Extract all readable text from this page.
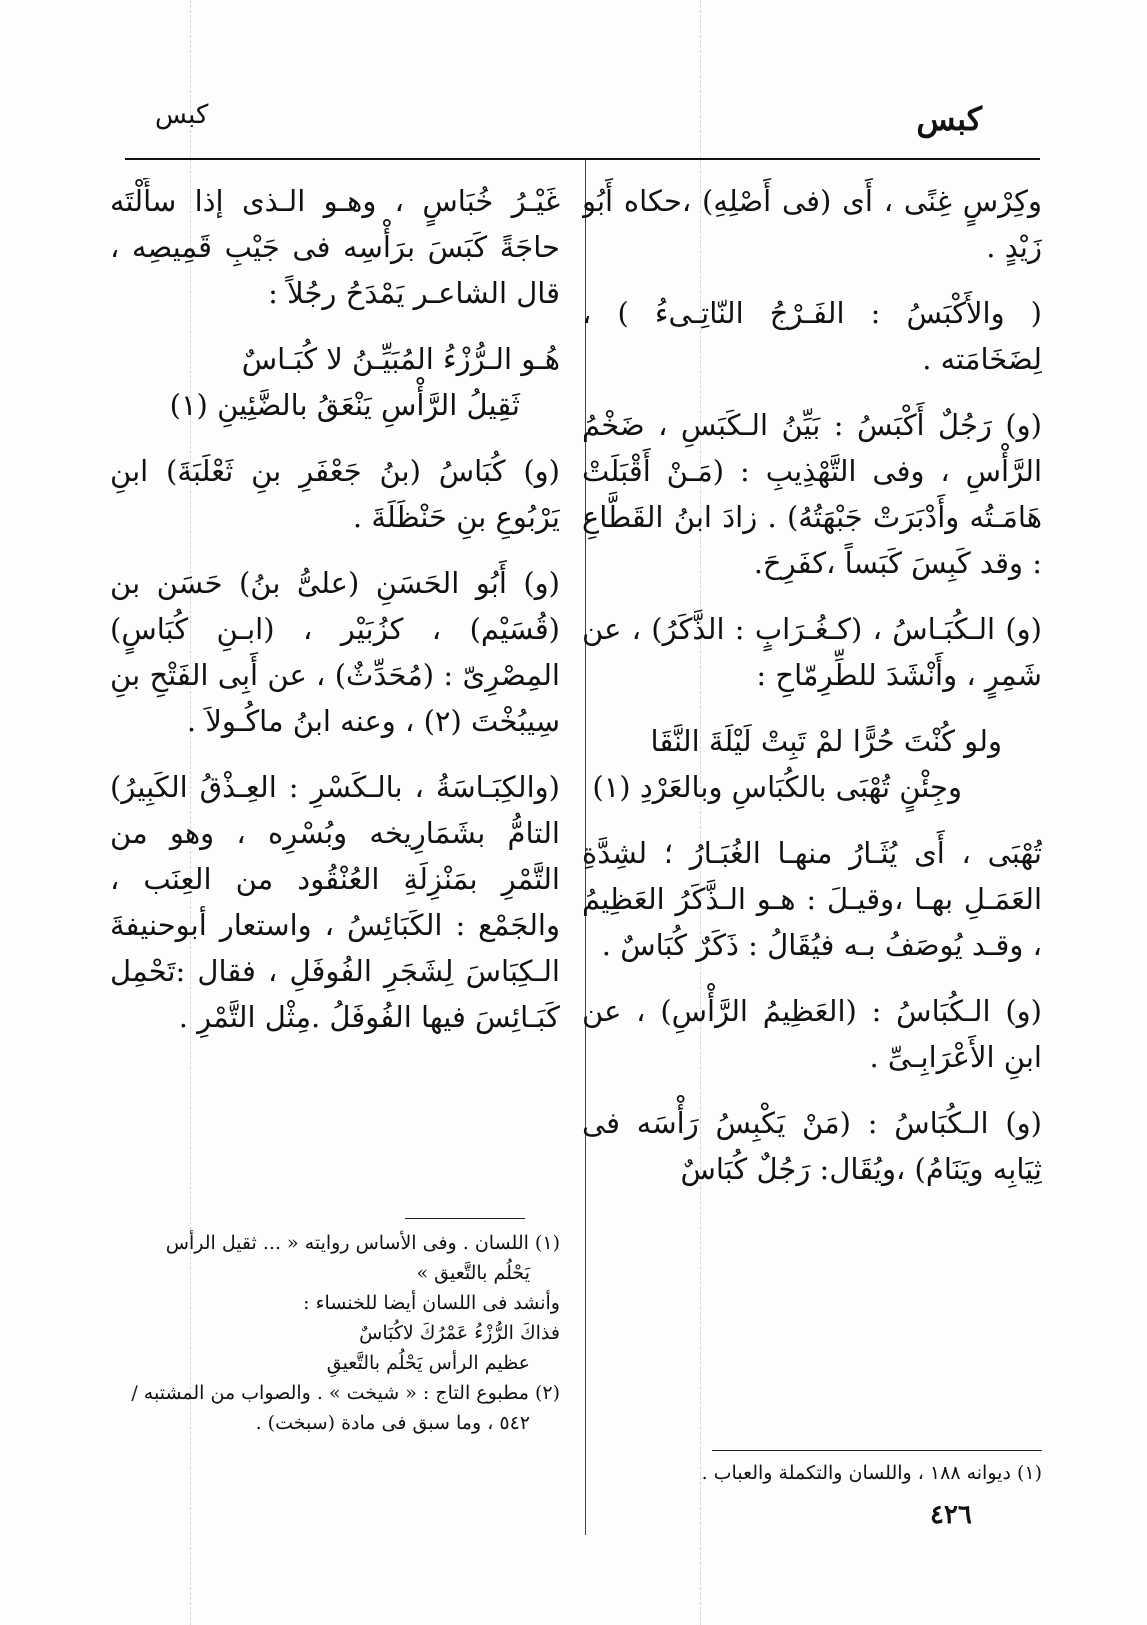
كبس
كبس

وكِرْسٍ غِنًى ، أَى (فى أَصْلِهِ) ،حكاه أَبُو زَيْدٍ .

( والأَكْبَسُ : الفَـرْجُ النّاتِـىءُ ) ، لِضَخَامَته .

(و) رَجُلٌ أَكْبَسُ : بَيِّنُ الـكَبَسِ ، ضَخْمُ الرَّأْسِ ، وفى التَّهْذِيبِ : (مَـنْ أَقْبَلَتْ هَامَـتُه وأَدْبَرَتْ جَبْهَتُهُ) . زادَ ابنُ القَطَّاعِ : وقد كَبِسَ كَبَساً ،كفَرِحَ.

(و) الـكُبَـاسُ ، (كـغُـرَابٍ : الذَّكَرُ) ، عن شَمِرٍ ، وأَنْشَدَ للطِّرِمّاحِ :

ولو كُنْتَ حُرًّا لمْ تَبِتْ لَيْلَةَ النَّقَا
وجِئْنٍ تُهْبَى بالكُبَاسِ وبالعَرْدِ (١)

تُهْبَى ، أَى يُثَـارُ منهـا الغُبَـارُ ؛ لشِدَّةِ العَمَـلِ بهـا ،وقيـلَ : هـو الـذَّكَرُ العَظِيمُ ، وقـد يُوصَفُ بـه فيُقَالُ : ذَكَرٌ كُبَاسٌ .

(و) الـكُبَاسُ : (العَظِيمُ الرَّأْسِ) ، عن ابنِ الأَعْرَابِـىِّ .

(و) الـكُبَاسُ : (مَنْ يَكْبِسُ رَأْسَه فى ثِيَابِه ويَنَامُ) ،ويُقَال: رَجُلٌ كُبَاسٌ

غَيْـرُ خُبَاسٍ ، وهـو الـذى إذا سأَلْتَه حاجَةً كَبَسَ برَأْسِه فى جَيْبِ قَمِيصِه ، قال الشاعـر يَمْدَحُ رجُلاً :

هُـو الـرُّزْءُ المُبَيِّـنُ لا كُبَـاسٌ
ثَقِيلُ الرَّأْسِ يَنْعَقُ بالضَّئِينِ (١)

(و) كُبَاسُ (بنُ جَعْفَرِ بنِ ثَعْلَبَةَ) ابنِ يَرْبُوعِ بنِ حَنْظَلَةَ .

(و) أَبُو الحَسَنِ (علىُّ بنُ) حَسَن بن (قُسَيْم) ، كزُبَيْر ، (ابـنِ كُبَاسٍ) المِصْرِىّ : (مُحَدِّثٌ) ، عن أَبِى الفَتْحِ بنِ سِيبُخْتَ (٢) ، وعنه ابنُ ماكُـولاَ .

(والكِبَـاسَةُ ، بالـكَسْرِ : العِـذْقُ الكَبِيرُ) التامُّ بشَمَارِيخه وبُسْرِه ، وهو من التَّمْرِ بمَنْزِلَةِ العُنْقُود من العِنَب ، والجَمْع : الكَبَائِسُ ، واستعار أبوحنيفةَ الـكِبَاسَ لِشَجَرِ الفُوفَلِ ، فقال :تَحْمِل كَبَـائِسَ فيها الفُوفَلُ .مِثْل التَّمْرِ .

(١) اللسان . وفى الأساس روايته « ... ثقيل الرأس
يَحْلُم بالتَّعيق »
وأنشد فى اللسان أيضا للخنساء :
فذاكَ الرُّزْءُ عَمْرُكَ لاكُبَاسٌ
عظيم الرأس يَحْلُم بالتَّعيقِ
(٢) مطبوع التاج : « شيخت » . والصواب من المشتبه /
٥٤٢ ، وما سبق فى مادة (سبخت) .
(١) ديوانه ١٨٨ ، واللسان والتكملة والعباب .
٤٢٦
